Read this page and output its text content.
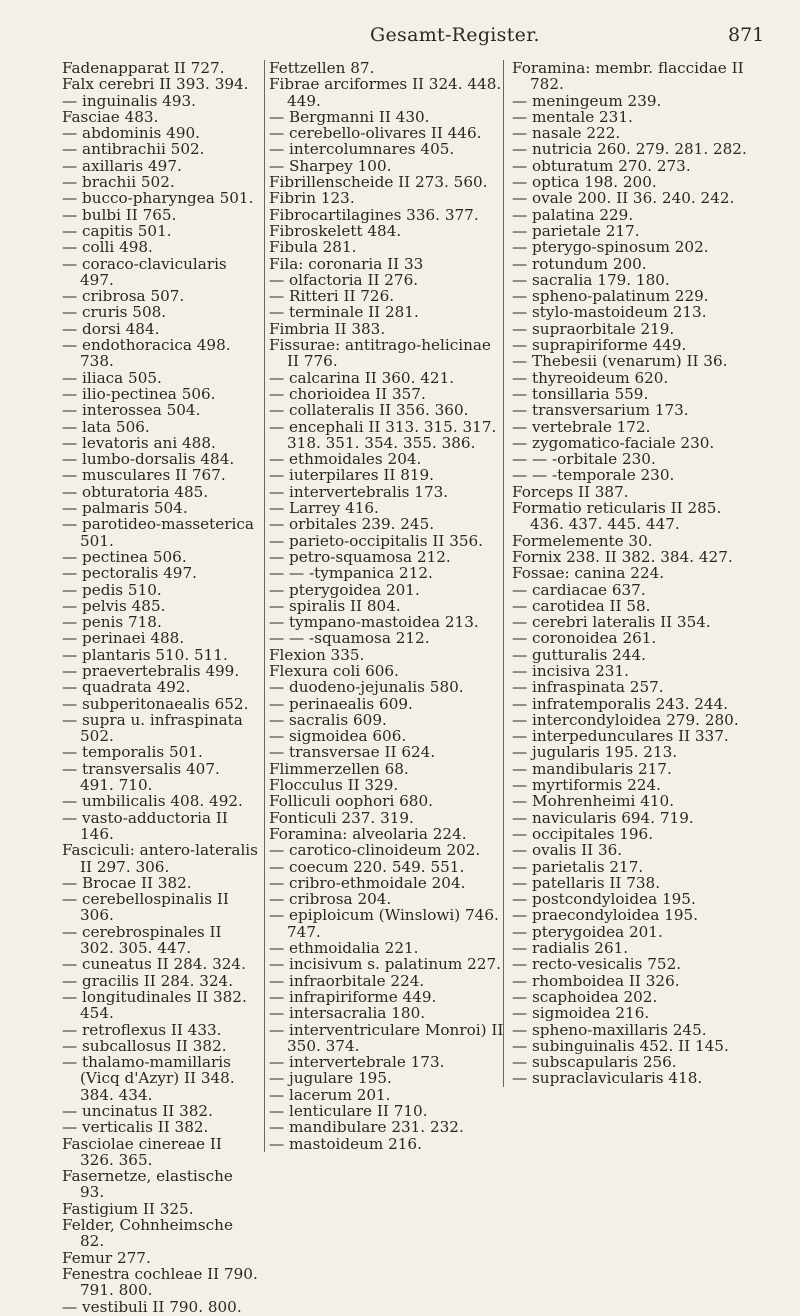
Gesamt-Register.	871
Fadenapparat II 727.
Falx cerebri II 393. 394.
— inguinalis 493.
Fasciae 483.
— abdominis 490.
— antibrachii 502.
— axillaris 497.
— brachii 502.
— bucco-pharyngea 501.
— bulbi II 765.
— capitis 501.
— colli 498.
— coraco-clavicularis 497.
— cribrosa 507.
— cruris 508.
— dorsi 484.
— endothoracica 498. 738.
— iliaca 505.
— ilio-pectinea 506.
— interossea 504.
— lata 506.
— levatoris ani 488.
— lumbo-dorsalis 484.
— musculares II 767.
— obturatoria 485.
— palmaris 504.
— parotideo-masseterica 501.
— pectinea 506.
— pectoralis 497.
— pedis 510.
— pelvis 485.
— penis 718.
— perinaei 488.
— plantaris 510. 511.
— praevertebralis 499.
— quadrata 492.
— subperitonaealis 652.
— supra u. infraspinata 502.
— temporalis 501.
— transversalis 407. 491. 710.
— umbilicalis 408. 492.
— vasto-adductoria II 146.
Fasciculi: antero-lateralis II 297. 306.
— Brocae II 382.
— cerebellospinalis II 306.
— cerebrospinales II 302. 305. 447.
— cuneatus II 284. 324.
— gracilis II 284. 324.
— longitudinales II 382. 454.
— retroflexus II 433.
— subcallosus II 382.
— thalamo-mamillaris (Vicq d'Azyr) II 348. 384. 434.
— uncinatus II 382.
— verticalis II 382.
Fasciolae cinereae II 326. 365.
Fasernetze, elastische 93.
Fastigium II 325.
Felder, Cohnheimsche 82.
Femur 277.
Fenestra cochleae II 790. 791. 800.
— vestibuli II 790. 800.
Fettzellen 87.
Fibrae arciformes II 324. 448. 449.
— Bergmanni II 430.
— cerebello-olivares II 446.
— intercolumnares 405.
— Sharpey 100.
Fibrillenscheide II 273. 560.
Fibrin 123.
Fibrocartilagines 336. 377.
Fibroskelett 484.
Fibula 281.
Fila: coronaria II 33
— olfactoria II 276.
— Ritteri II 726.
— terminale II 281.
Fimbria II 383.
Fissurae: antitrago-helicinae II 776.
— calcarina II 360. 421.
— chorioidea II 357.
— collateralis II 356. 360.
— encephali II 313. 315. 317. 318. 351. 354. 355. 386.
— ethmoidales 204.
— iuterpilares II 819.
— intervertebralis 173.
— Larrey 416.
— orbitales 239. 245.
— parieto-occipitalis II 356.
— petro-squamosa 212.
— — -tympanica 212.
— pterygoidea 201.
— spiralis II 804.
— tympano-mastoidea 213.
— — -squamosa 212.
Flexion 335.
Flexura coli 606.
— duodeno-jejunalis 580.
— perinaealis 609.
— sacralis 609.
— sigmoidea 606.
— transversae II 624.
Flimmerzellen 68.
Flocculus II 329.
Folliculi oophori 680.
Fonticuli 237. 319.
Foramina: alveolaria 224.
— carotico-clinoideum 202.
— coecum 220. 549. 551.
— cribro-ethmoidale 204.
— cribrosa 204.
— epiploicum (Winslowi) 746. 747.
— ethmoidalia 221.
— incisivum s. palatinum 227.
— infraorbitale 224.
— infrapiriforme 449.
— intersacralia 180.
— interventriculare Monroi) II 350. 374.
— intervertebrale 173.
— jugulare 195.
— lacerum 201.
— lenticulare II 710.
— mandibulare 231. 232.
— mastoideum 216.
Foramina: membr. flaccidae II 782.
— meningeum 239.
— mentale 231.
— nasale 222.
— nutricia 260. 279. 281. 282.
— obturatum 270. 273.
— optica 198. 200.
— ovale 200. II 36. 240. 242.
— palatina 229.
— parietale 217.
— pterygo-spinosum 202.
— rotundum 200.
— sacralia 179. 180.
— spheno-palatinum 229.
— stylo-mastoideum 213.
— supraorbitale 219.
— suprapiriforme 449.
— Thebesii (venarum) II 36.
— thyreoideum 620.
— tonsillaria 559.
— transversarium 173.
— vertebrale 172.
— zygomatico-faciale 230.
— — -orbitale 230.
— — -temporale 230.
Forceps II 387.
Formatio reticularis II 285. 436. 437. 445. 447.
Formelemente 30.
Fornix 238. II 382. 384. 427.
Fossae: canina 224.
— cardiacae 637.
— carotidea II 58.
— cerebri lateralis II 354.
— coronoidea 261.
— gutturalis 244.
— incisiva 231.
— infraspinata 257.
— infratemporalis 243. 244.
— intercondyloidea 279. 280.
— interpedunculares II 337.
— jugularis 195. 213.
— mandibularis 217.
— myrtiformis 224.
— Mohrenheimi 410.
— navicularis 694. 719.
— occipitales 196.
— ovalis II 36.
— parietalis 217.
— patellaris II 738.
— postcondyloidea 195.
— praecondyloidea 195.
— pterygoidea 201.
— radialis 261.
— recto-vesicalis 752.
— rhomboidea II 326.
— scaphoidea 202.
— sigmoidea 216.
— spheno-maxillaris 245.
— subinguinalis 452. II 145.
— subscapularis 256.
— supraclavicularis 418.
